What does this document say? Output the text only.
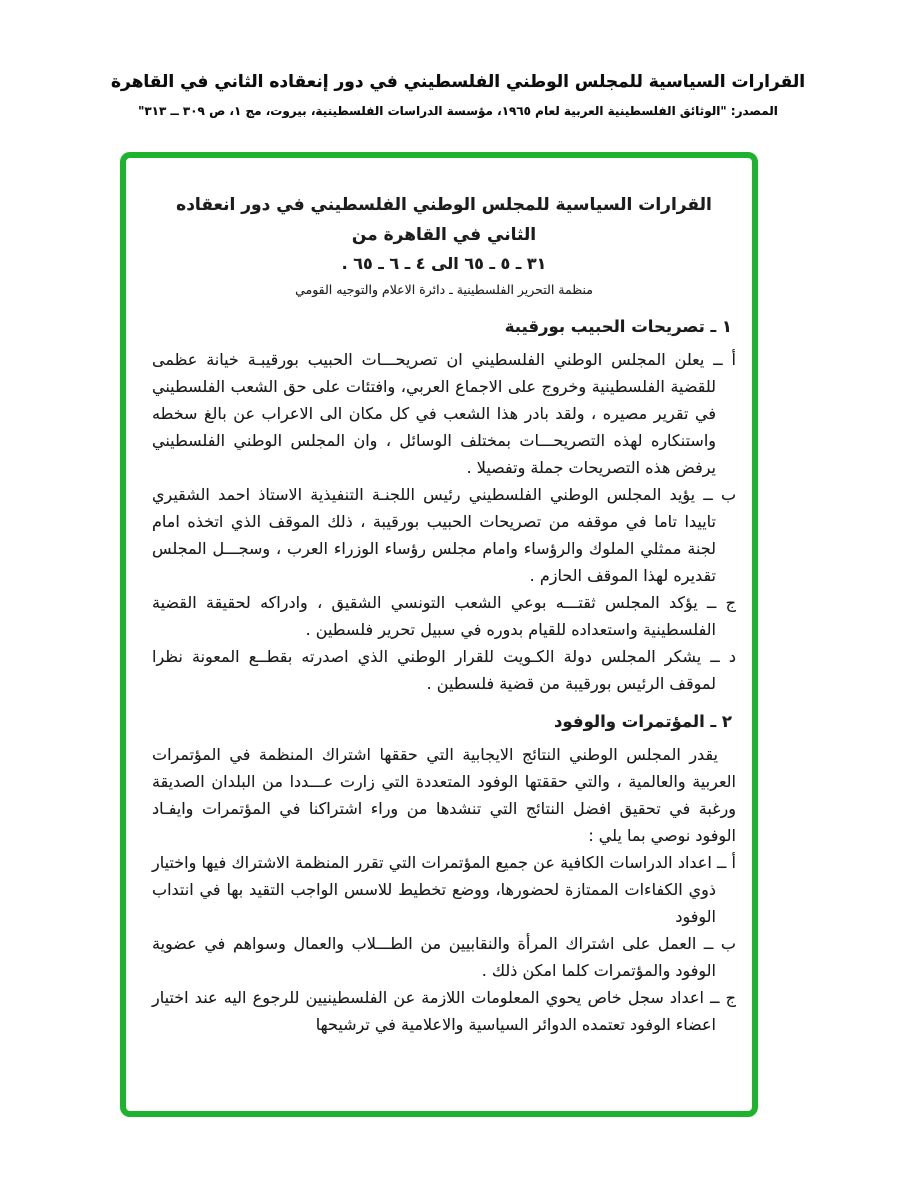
القرارات السياسية للمجلس الوطني الفلسطيني في دور إنعقاده الثاني في القاهرة
المصدر: "الوثائق الفلسطينية العربية لعام ١٩٦٥، مؤسسة الدراسات الفلسطينية، بيروت، مج ١، ص ٣٠٩ ــ ٣١٣"
القرارات السياسية للمجلس الوطني الفلسطيني في دور انعقاده الثاني في القاهرة من
٣١ ـ ٥ ـ ٦٥ الى ٤ ـ ٦ ـ ٦٥ .
منظمة التحرير الفلسطينية ـ دائرة الاعلام والتوجيه القومي
١ ـ تصريحات الحبيب بورقيبة

أ ــ يعلن المجلس الوطني الفلسطيني ان تصريحـــات الحبيب بورقيبـة خيانة عظمى للقضية الفلسطينية وخروج على الاجماع العربي، وافتئات على حق الشعب الفلسطيني في تقرير مصيره ، ولقد بادر هذا الشعب في كل مكان الى الاعراب عن بالغ سخطه واستنكاره لهذه التصريحـــات بمختلف الوسائل ، وان المجلس الوطني الفلسطيني يرفض هذه التصريحات جملة وتفصيلا .

ب ــ يؤيد المجلس الوطني الفلسطيني رئيس اللجنـة التنفيذية الاستاذ احمد الشقيري تاييدا تاما في موقفه من تصريحات الحبيب بورقيبة ، ذلك الموقف الذي اتخذه امام لجنة ممثلي الملوك والرؤساء وامام مجلس رؤساء الوزراء العرب ، وسجـــل المجلس تقديره لهذا الموقف الحازم .

ج ــ يؤكد المجلس ثقتـــه بوعي الشعب التونسي الشقيق ، وادراكه لحقيقة القضية الفلسطينية واستعداده للقيام بدوره في سبيل تحرير فلسطين .

د ــ يشكر المجلس دولة الكـويت للقرار الوطني الذي اصدرته بقطــع المعونة نظرا لموقف الرئيس بورقيبة من قضية فلسطين .

٢ ـ المؤتمرات والوفود

يقدر المجلس الوطني النتائج الايجابية التي حققها اشتراك المنظمة في المؤتمرات العربية والعالمية ، والتي حققتها الوفود المتعددة التي زارت عـــددا من البلدان الصديقة ورغبة في تحقيق افضل النتائج التي تنشدها من وراء اشتراكنا في المؤتمرات وايفـاد الوفود نوصي بما يلي :

أ ــ اعداد الدراسات الكافية عن جميع المؤتمرات التي تقرر المنظمة الاشتراك فيها واختيار ذوي الكفاءات الممتازة لحضورها، ووضع تخطيط للاسس الواجب التقيد بها في انتداب الوفود

ب ــ العمل على اشتراك المرأة والنقابيين من الطـــلاب والعمال وسواهم في عضوية الوفود والمؤتمرات كلما امكن ذلك .

ج ــ اعداد سجل خاص يحوي المعلومات اللازمة عن الفلسطينيين للرجوع اليه عند اختيار اعضاء الوفود تعتمده الدوائر السياسية والاعلامية في ترشيحها
